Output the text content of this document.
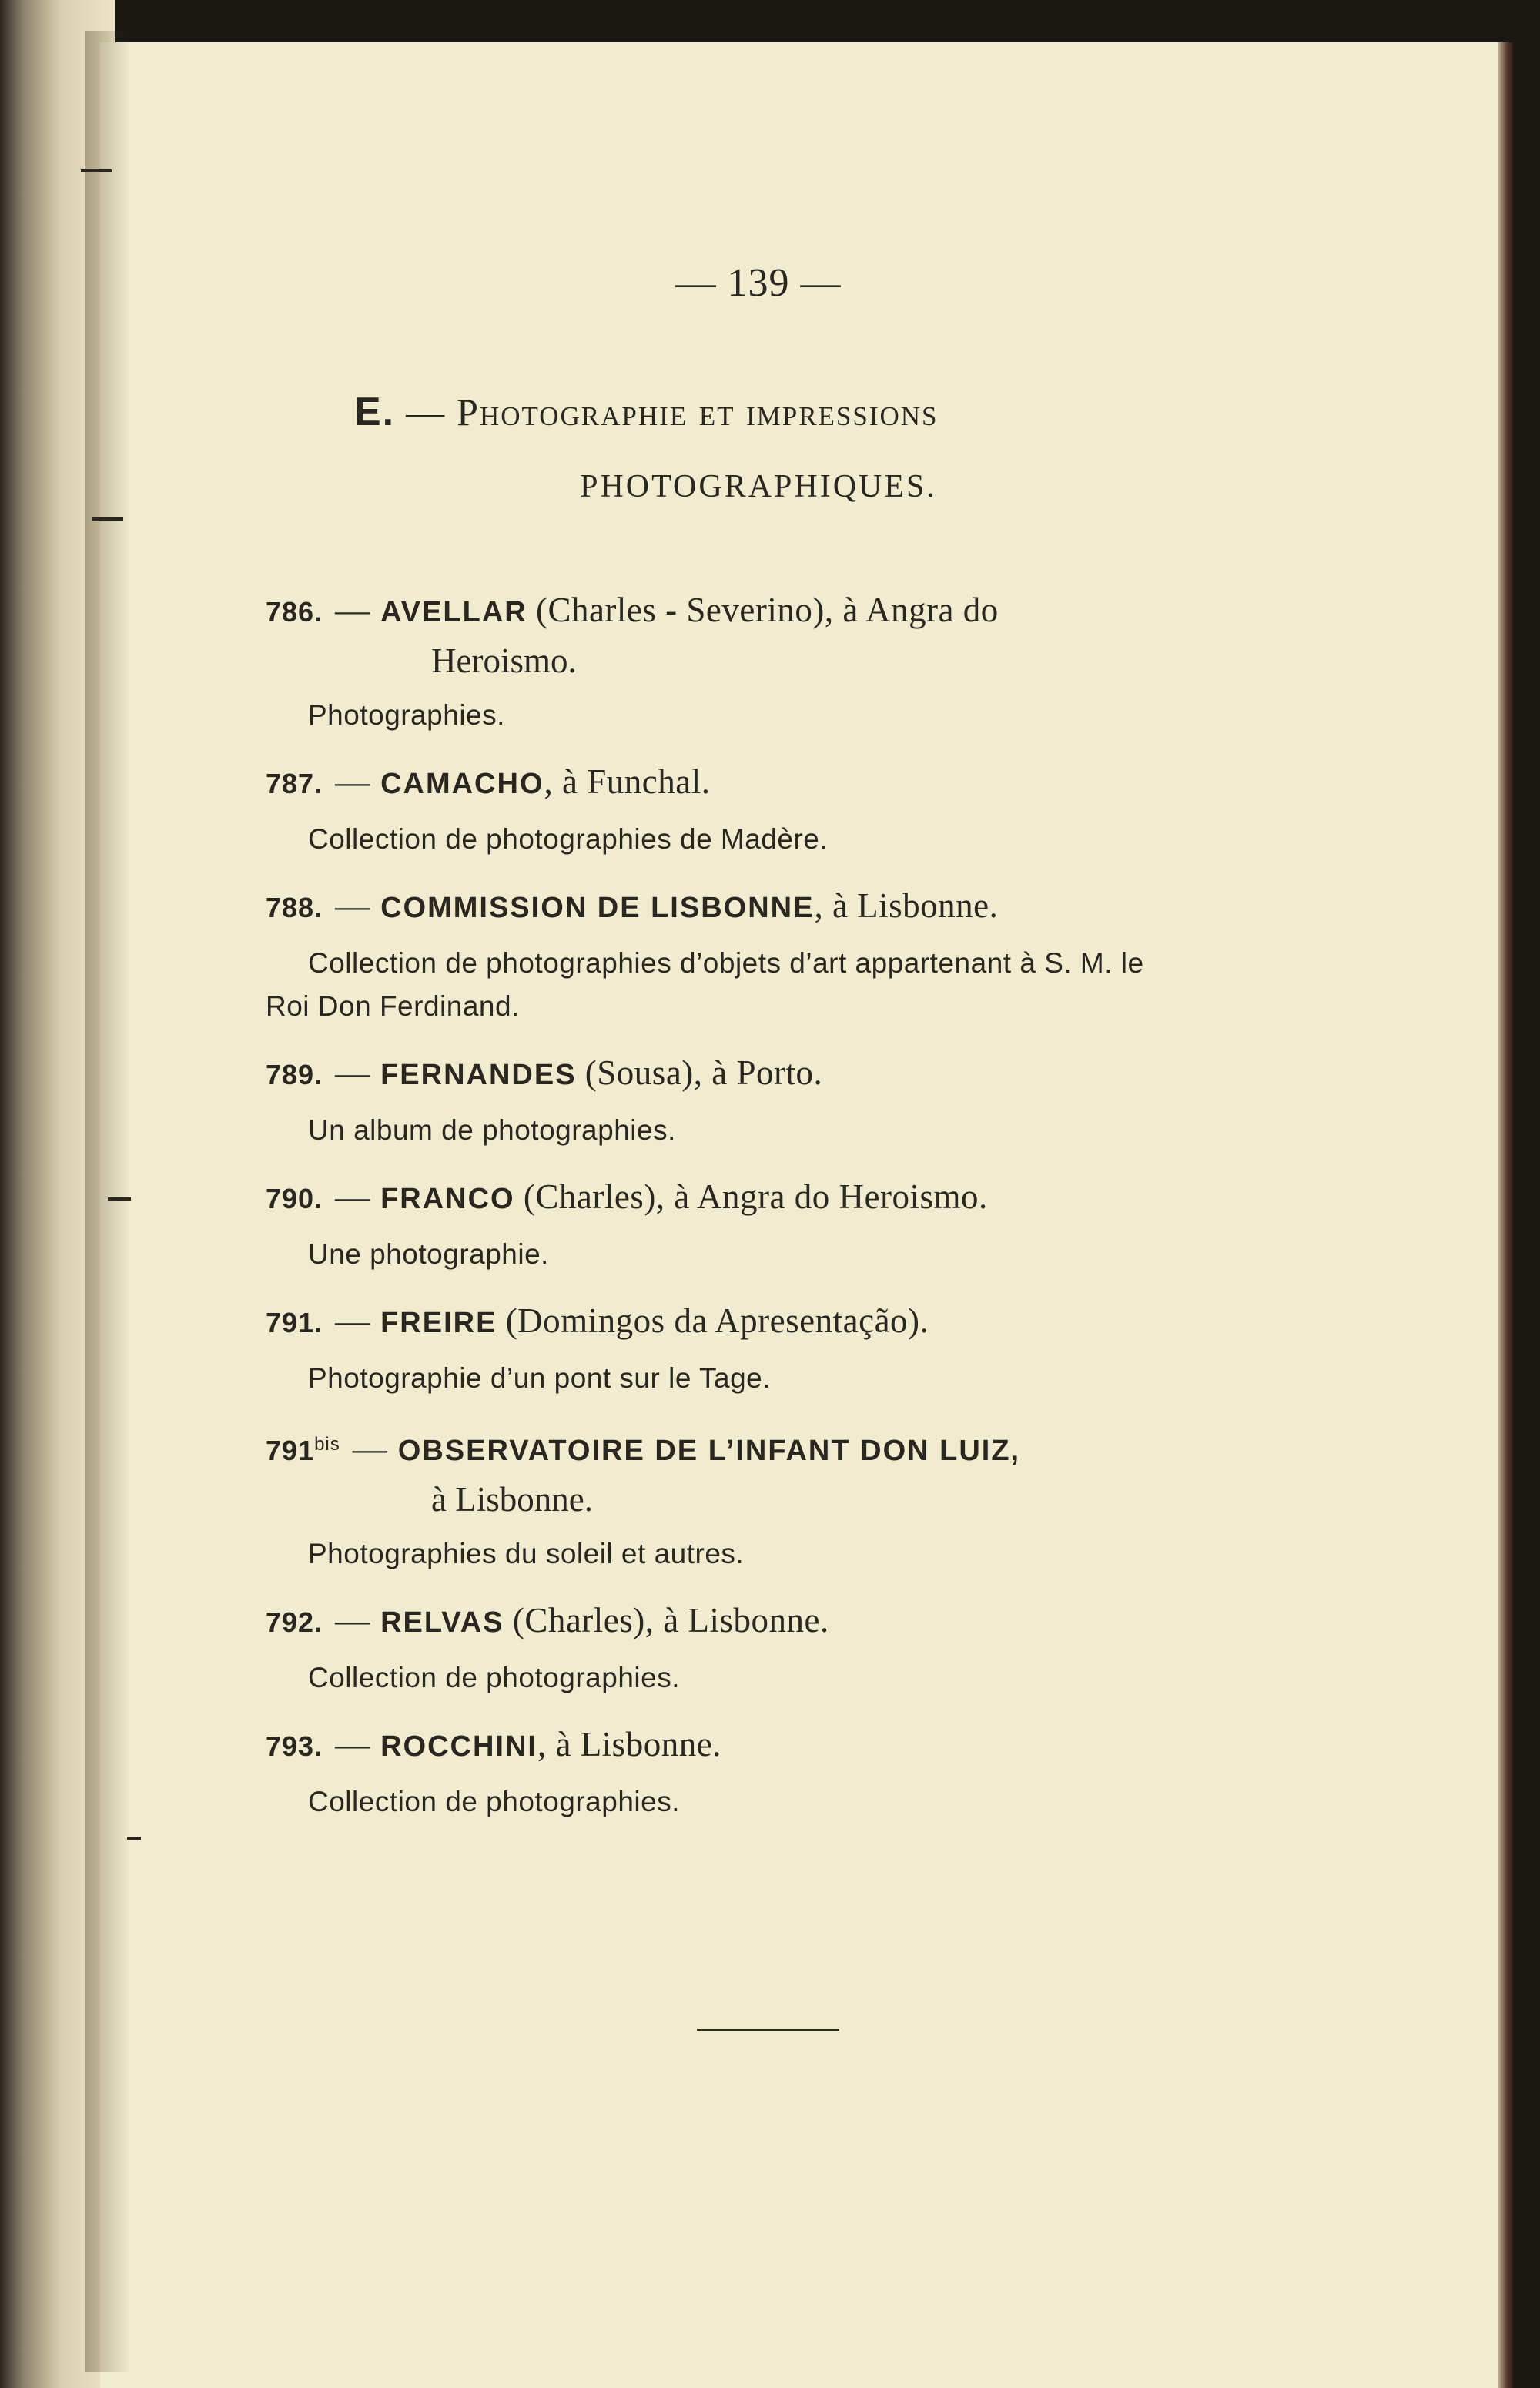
— 139 —
E. — Photographie et impressions
PHOTOGRAPHIQUES.
786. — AVELLAR (Charles - Severino), à Angra do
Heroismo.
Photographies.
787. — CAMACHO, à Funchal.
Collection de photographies de Madère.
788. — COMMISSION DE LISBONNE, à Lisbonne.
Collection de photographies d’objets d’art appartenant à S. M. le
Roi Don Ferdinand.
789. — FERNANDES (Sousa), à Porto.
Un album de photographies.
790. — FRANCO (Charles), à Angra do Heroismo.
Une photographie.
791. — FREIRE (Domingos da Apresentação).
Photographie d’un pont sur le Tage.
$791^{bis}$ — OBSERVATOIRE DE L’INFANT DON LUIZ,
à Lisbonne.
Photographies du soleil et autres.
792. — RELVAS (Charles), à Lisbonne.
Collection de photographies.
793. — ROCCHINI, à Lisbonne.
Collection de photographies.
